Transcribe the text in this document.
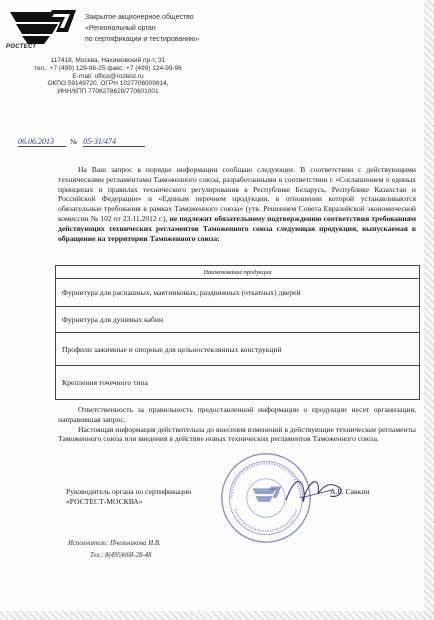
РОСТЕСТ
Закрытое акционерное общество
«Региональный орган
по сертификации и тестированию»
117418, Москва, Нахимовский пр-т, 31
тел.: +7 (499) 129-86-25 факс: +7 (499) 124-99-96
E-mail: office@rostest.ru
ОКПО 59149720, ОГРН 1027706009814,
ИНН/КПП 7706278628/770601001
06.06.2013 № 05-31/474

На Ваш запрос в порядке информации сообщаю следующее. В соответствии с действующими техническими регламентами Таможенного союза, разработанными в соответствии с «Соглашением о единых принципах и правилах технического регулирования в Республике Беларусь, Республике Казахстан и Российской Федерации» и «Единым перечнем продукции, в отношении которой устанавливаются обязательные требования в рамках Таможенного союза» (утв. Решением Совета Евразийской экономической комиссии № 102 от 23.11.2012 г.), не подлежит обязательному подтверждению соответствия требованиям действующих технических регламентов Таможенного союза следующая продукция, выпускаемая в обращение на территории Таможенного союза:

Наименование продукции
Фурнитура для распашных, маятниковых, раздвижных (откатных) дверей
Фурнитура для душевых кабин
Профили зажимные и опорные для цельностеклянных конструкций
Крепления точечного типа

Ответственность за правильность предоставленной информации о продукции несет организация, направившая запрос.

Настоящая информация действительна до внесения изменений в действующие технические регламенты Таможенного союза или введения в действие новых технических регламентов Таможенного союза.

Руководитель органа по сертификации
«РОСТЕСТ-МОСКВА»
А.Б. Савкин
Исполнитель: Пчельникова И.В.
Тел.: 8(495)668-28-48
